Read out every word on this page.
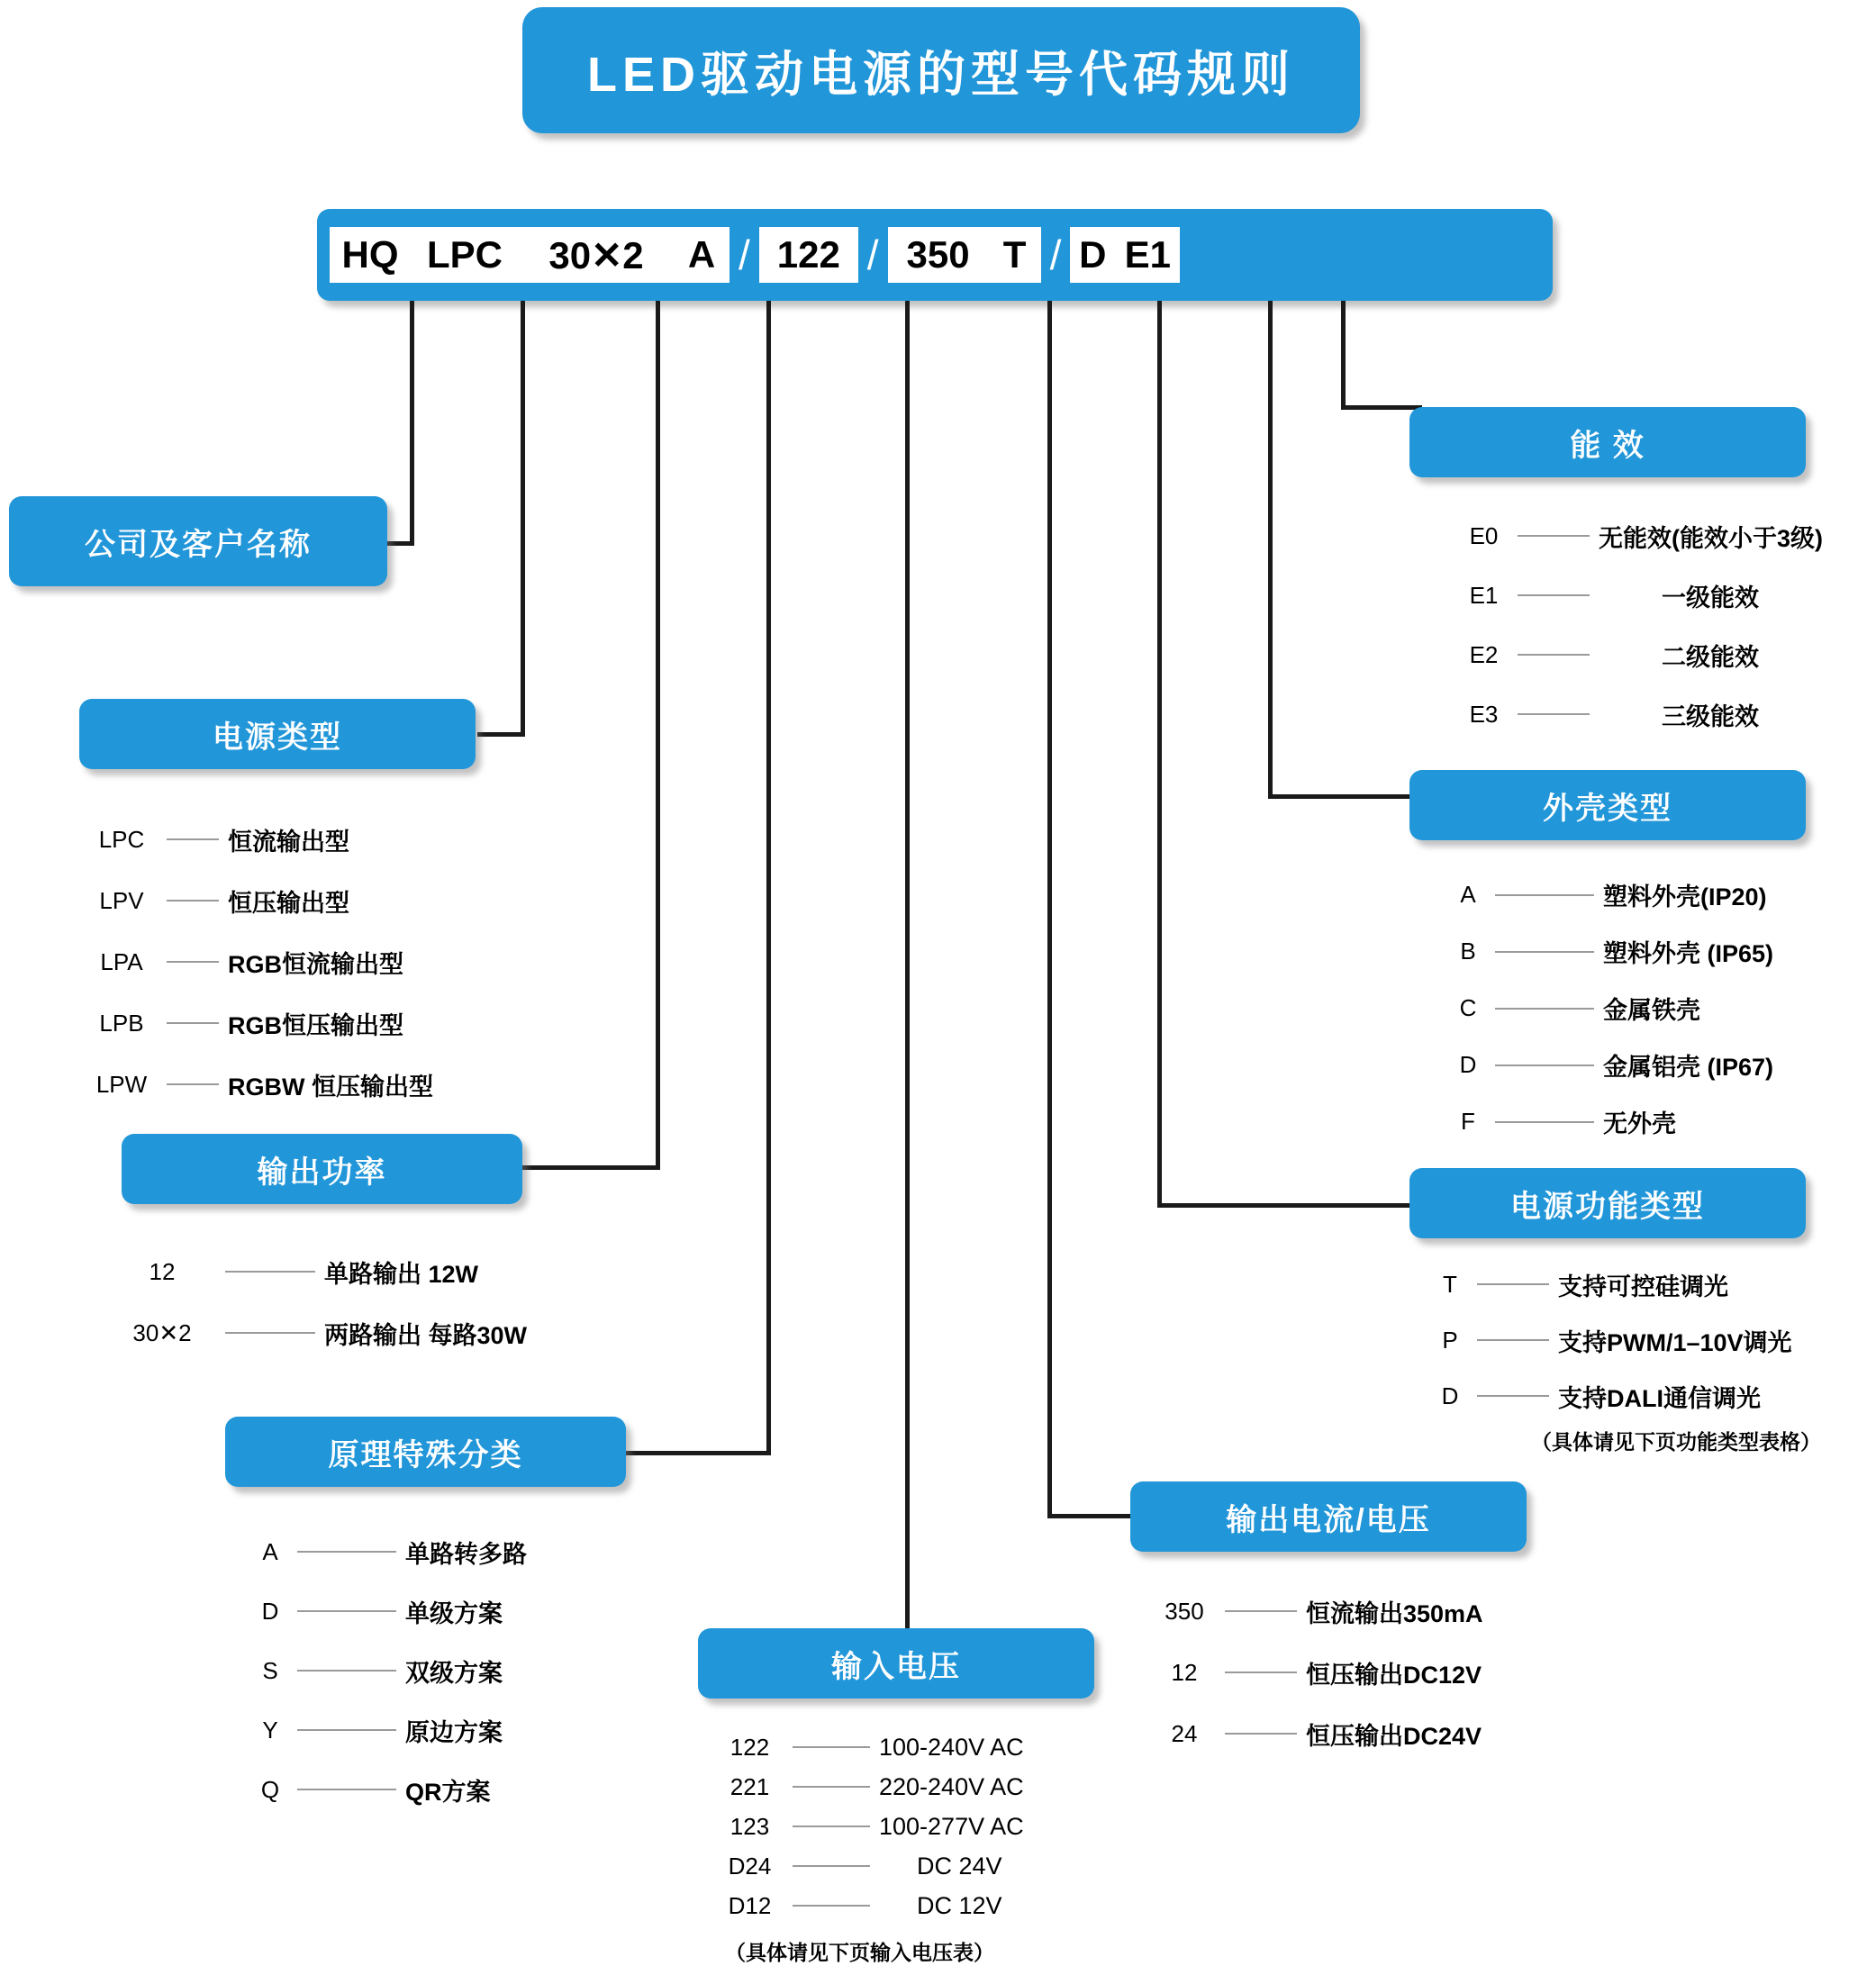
LED驱动电源的型号代码规则
HQ LPC	30✕2	A / 122 / 350 T / D E1
公司及客户名称
电源类型
LPC	恒流输出型
LPV	恒压输出型
LPA	RGB恒流输出型
LPB	RGB恒压输出型
LPW	RGBW 恒压输出型
输出功率
12	单路输出 12W
30✕2	两路输出 每路30W
原理特殊分类
A	单路转多路
D	单级方案
S	双级方案
Y	原边方案
Q	QR方案
输入电压
122	100-240V AC
221	220-240V AC
123	100-277V AC
D24	DC 24V
D12	DC 12V
（具体请见下页输入电压表）
输出电流/电压
350	恒流输出350mA
12	恒压输出DC12V
24	恒压输出DC24V
电源功能类型
T	支持可控硅调光
P	支持PWM/1–10V调光
D	支持DALI通信调光
（具体请见下页功能类型表格）
外壳类型
A	塑料外壳(IP20)
B	塑料外壳 (IP65)
C	金属铁壳
D	金属铝壳 (IP67)
F	无外壳
能 效
E0	无能效(能效小于3级)
E1	一级能效
E2	二级能效
E3	三级能效
